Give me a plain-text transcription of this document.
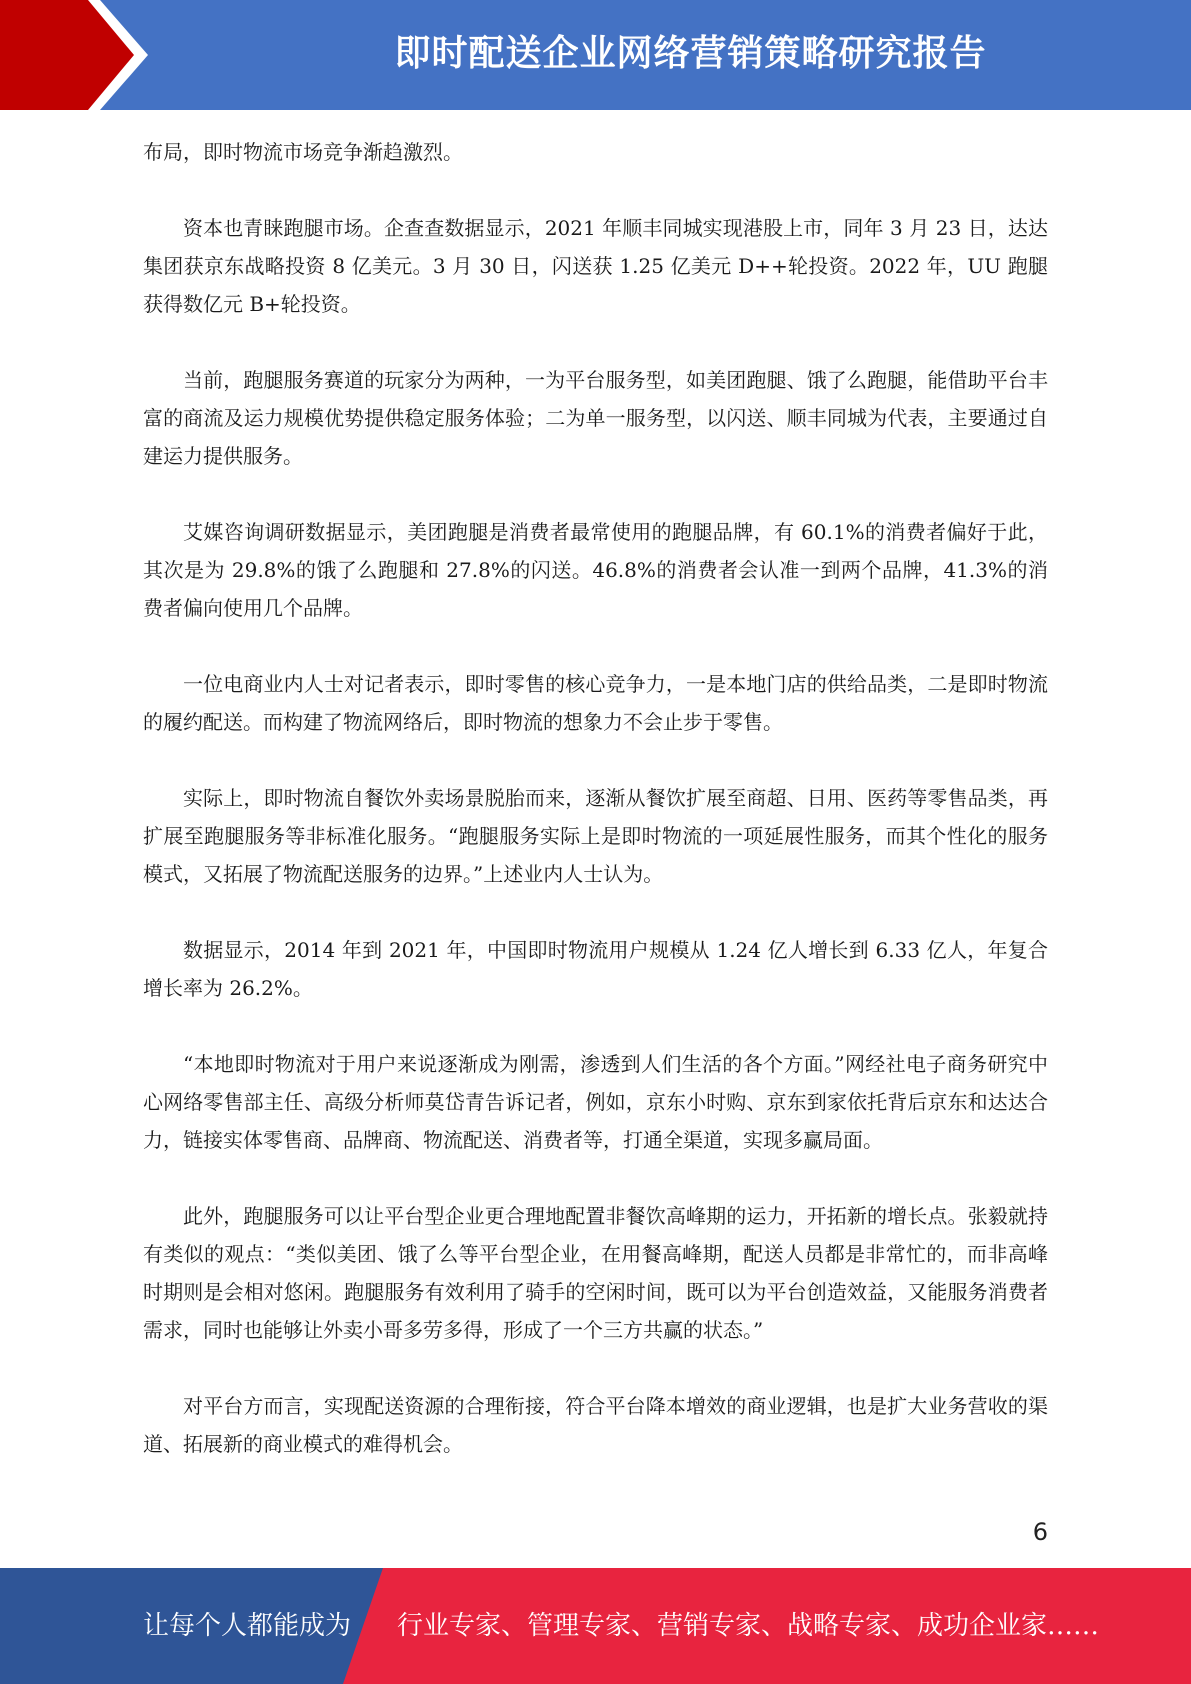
即时配送企业网络营销策略研究报告

布局，即时物流市场竞争渐趋激烈。

资本也青睐跑腿市场。企查查数据显示，2021 年顺丰同城实现港股上市，同年 3 月 23 日，达达集团获京东战略投资 8 亿美元。3 月 30 日，闪送获 1.25 亿美元 D++轮投资。2022 年，UU 跑腿获得数亿元 B+轮投资。

当前，跑腿服务赛道的玩家分为两种，一为平台服务型，如美团跑腿、饿了么跑腿，能借助平台丰富的商流及运力规模优势提供稳定服务体验；二为单一服务型，以闪送、顺丰同城为代表，主要通过自建运力提供服务。

艾媒咨询调研数据显示，美团跑腿是消费者最常使用的跑腿品牌，有 60.1%的消费者偏好于此，其次是为 29.8%的饿了么跑腿和 27.8%的闪送。46.8%的消费者会认准一到两个品牌，41.3%的消费者偏向使用几个品牌。

一位电商业内人士对记者表示，即时零售的核心竞争力，一是本地门店的供给品类，二是即时物流的履约配送。而构建了物流网络后，即时物流的想象力不会止步于零售。

实际上，即时物流自餐饮外卖场景脱胎而来，逐渐从餐饮扩展至商超、日用、医药等零售品类，再扩展至跑腿服务等非标准化服务。“跑腿服务实际上是即时物流的一项延展性服务，而其个性化的服务模式，又拓展了物流配送服务的边界。”上述业内人士认为。

数据显示，2014 年到 2021 年，中国即时物流用户规模从 1.24 亿人增长到 6.33 亿人，年复合增长率为 26.2%。

“本地即时物流对于用户来说逐渐成为刚需，渗透到人们生活的各个方面。”网经社电子商务研究中心网络零售部主任、高级分析师莫岱青告诉记者，例如，京东小时购、京东到家依托背后京东和达达合力，链接实体零售商、品牌商、物流配送、消费者等，打通全渠道，实现多赢局面。

此外，跑腿服务可以让平台型企业更合理地配置非餐饮高峰期的运力，开拓新的增长点。张毅就持有类似的观点：“类似美团、饿了么等平台型企业，在用餐高峰期，配送人员都是非常忙的，而非高峰时期则是会相对悠闲。跑腿服务有效利用了骑手的空闲时间，既可以为平台创造效益，又能服务消费者需求，同时也能够让外卖小哥多劳多得，形成了一个三方共赢的状态。”

对平台方而言，实现配送资源的合理衔接，符合平台降本增效的商业逻辑，也是扩大业务营收的渠道、拓展新的商业模式的难得机会。

6
让每个人都能成为 行业专家、管理专家、营销专家、战略专家、成功企业家……
